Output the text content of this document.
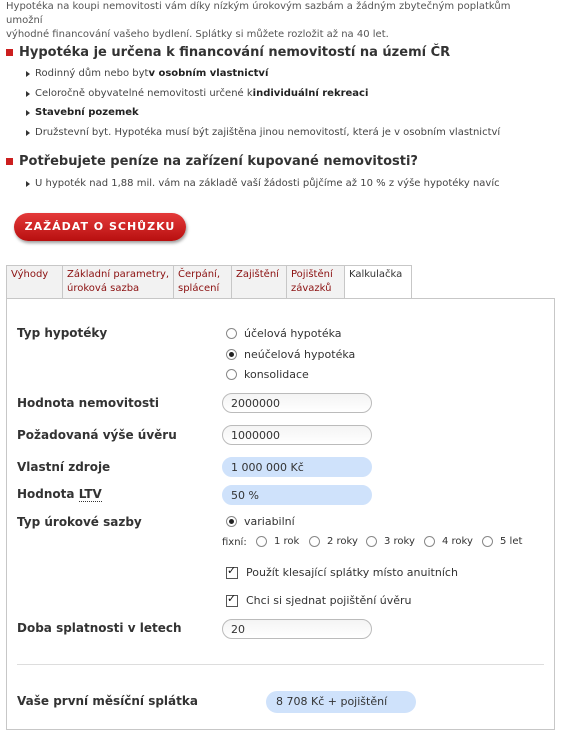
Hypotéka na koupi nemovitosti vám díky nízkým úrokovým sazbám a žádným zbytečným poplatkům umožní
výhodné financování vašeho bydlení. Splátky si můžete rozložit až na 40 let.
Hypotéka je určena k financování nemovitostí na území ČR
Rodinný dům nebo byt v osobním vlastnictví
Celoročně obyvatelné nemovitosti určené k individuální rekreaci
Stavební pozemek
Družstevní byt. Hypotéka musí být zajištěna jinou nemovitostí, která je v osobním vlastnictví
Potřebujete peníze na zařízení kupované nemovitosti?
U hypoték nad 1,88 mil. vám na základě vaší žádosti půjčíme až 10 % z výše hypotéky navíc
ZAŽÁDAT O SCHŮZKU
Výhody	Základní parametry,
úroková sazba
Čerpání,
splácení
Zajištění	Pojištění
závazků
Kalkulačka
Typ hypotéky	účelová hypotéka
neúčelová hypotéka
konsolidace
Hodnota nemovitosti	2000000
Požadovaná výše úvěru	1000000
Vlastní zdroje	1 000 000 Kč
Hodnota LTV	50 %
Typ úrokové sazby	variabilní
fixní:	1 rok	2 roky	3 roky	4 roky	5 let
✓
Použít klesající splátky místo anuitních
✓
Chci si sjednat pojištění úvěru
Doba splatnosti v letech	20
Vaše první měsíční splátka	8 708 Kč + pojištění
